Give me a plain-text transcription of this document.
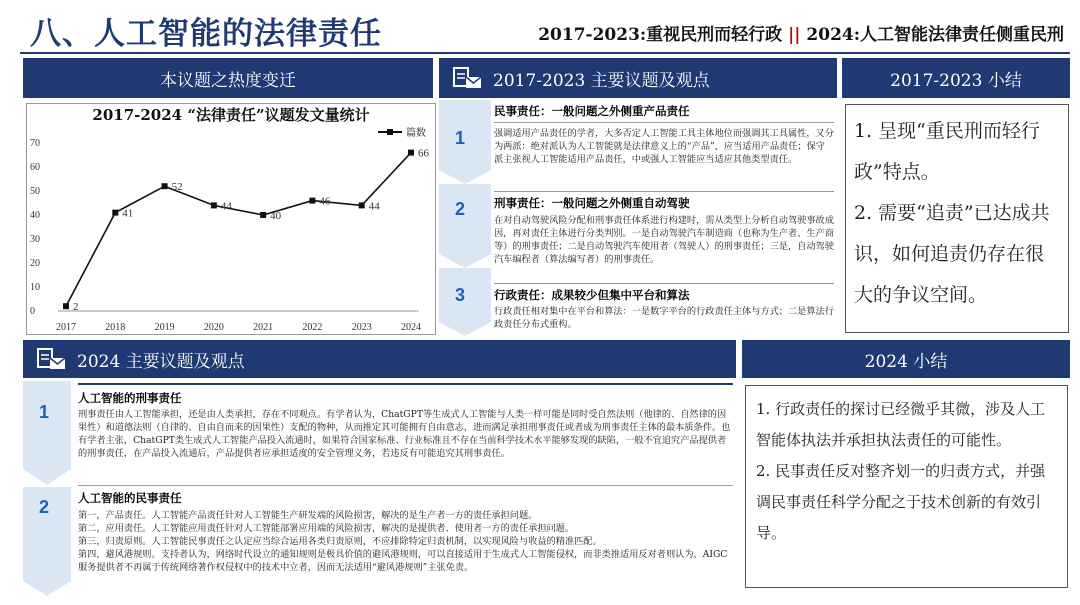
八、人工智能的法律责任	2017-2023:重视民刑而轻行政 || 2024:人工智能法律责任侧重民刑
本议题之热度变迁	2017-2023 主要议题及观点	2017-2023 小结
2017-2024 “法律责任”议题发文量统计
篇数
0
10
20
30
40
50
60
70
2017	2018	2019	2020	2021	2022	2023	2024
2
41
52
44
40
46	44
66
1
2
3
民事责任：一般问题之外侧重产品责任
强调适用产品责任的学者，大多否定人工智能工具主体地位而强调其工具属性，又分为两派：绝对派认为人工智能就是法律意义上的“产品”，应当适用产品责任；保守派主张视人工智能适用产品责任，中或强人工智能应当适应其他类型责任。
刑事责任：一般问题之外侧重自动驾驶
在对自动驾驶风险分配和刑事责任体系进行构建时，需从类型上分析自动驾驶事故成因，再对责任主体进行分类判别。一是自动驾驶汽车制造商（也称为生产者、生产商等）的刑事责任；二是自动驾驶汽车使用者（驾驶人）的刑事责任；三是，自动驾驶汽车编程者（算法编写者）的刑事责任。
行政责任：成果较少但集中平台和算法
行政责任相对集中在平台和算法：一是数字平台的行政责任主体与方式；二是算法行政责任分布式重构。
1. 呈现“重民刑而轻行政”特点。
2. 需要“追责”已达成共识，如何追责仍存在很大的争议空间。
2024 主要议题及观点	2024 小结
1
2
人工智能的刑事责任
刑事责任由人工智能承担，还是由人类承担，存在不同观点。有学者认为，ChatGPT等生成式人工智能与人类一样可能是同时受自然法则（他律的、自然律的因果性）和道德法则（自律的、自由自而来的因果性）支配的物种，从而推定其可能拥有自由意志，进而满足承担刑事责任或者成为刑事责任主体的最本质条件。也有学者主张，ChatGPT类生成式人工智能产品投入流通时，如果符合国家标准、行业标准且不存在当前科学技术水平能够发现的缺陷，一般不宜追究产品提供者的刑事责任，在产品投入流通后，产品提供者应承担适度的安全管理义务，若违反有可能追究其刑事责任。
人工智能的民事责任
第一，产品责任。人工智能产品责任针对人工智能生产研发端的风险损害，解决的是生产者一方的责任承担问题。
第二，应用责任。人工智能应用责任针对人工智能部署应用端的风险损害，解决的是提供者、使用者一方的责任承担问题。
第三，归责原则。人工智能民事责任之认定应当综合运用各类归责原则，不应排除特定归责机制，以实现风险与收益的精准匹配。
第四，避风港规则。支持者认为，网络时代设立的通知规则是极具价值的避风港规则，可以直接适用于生成式人工智能侵权，而非类推适用反对者则认为，AIGC服务提供者不再属于传统网络著作权侵权中的技术中立者，因而无法适用“避风港规则”主张免责。
1. 行政责任的探讨已经微乎其微，涉及人工智能体执法并承担执法责任的可能性。
2. 民事责任反对整齐划一的归责方式，并强调民事责任科学分配之于技术创新的有效引导。
